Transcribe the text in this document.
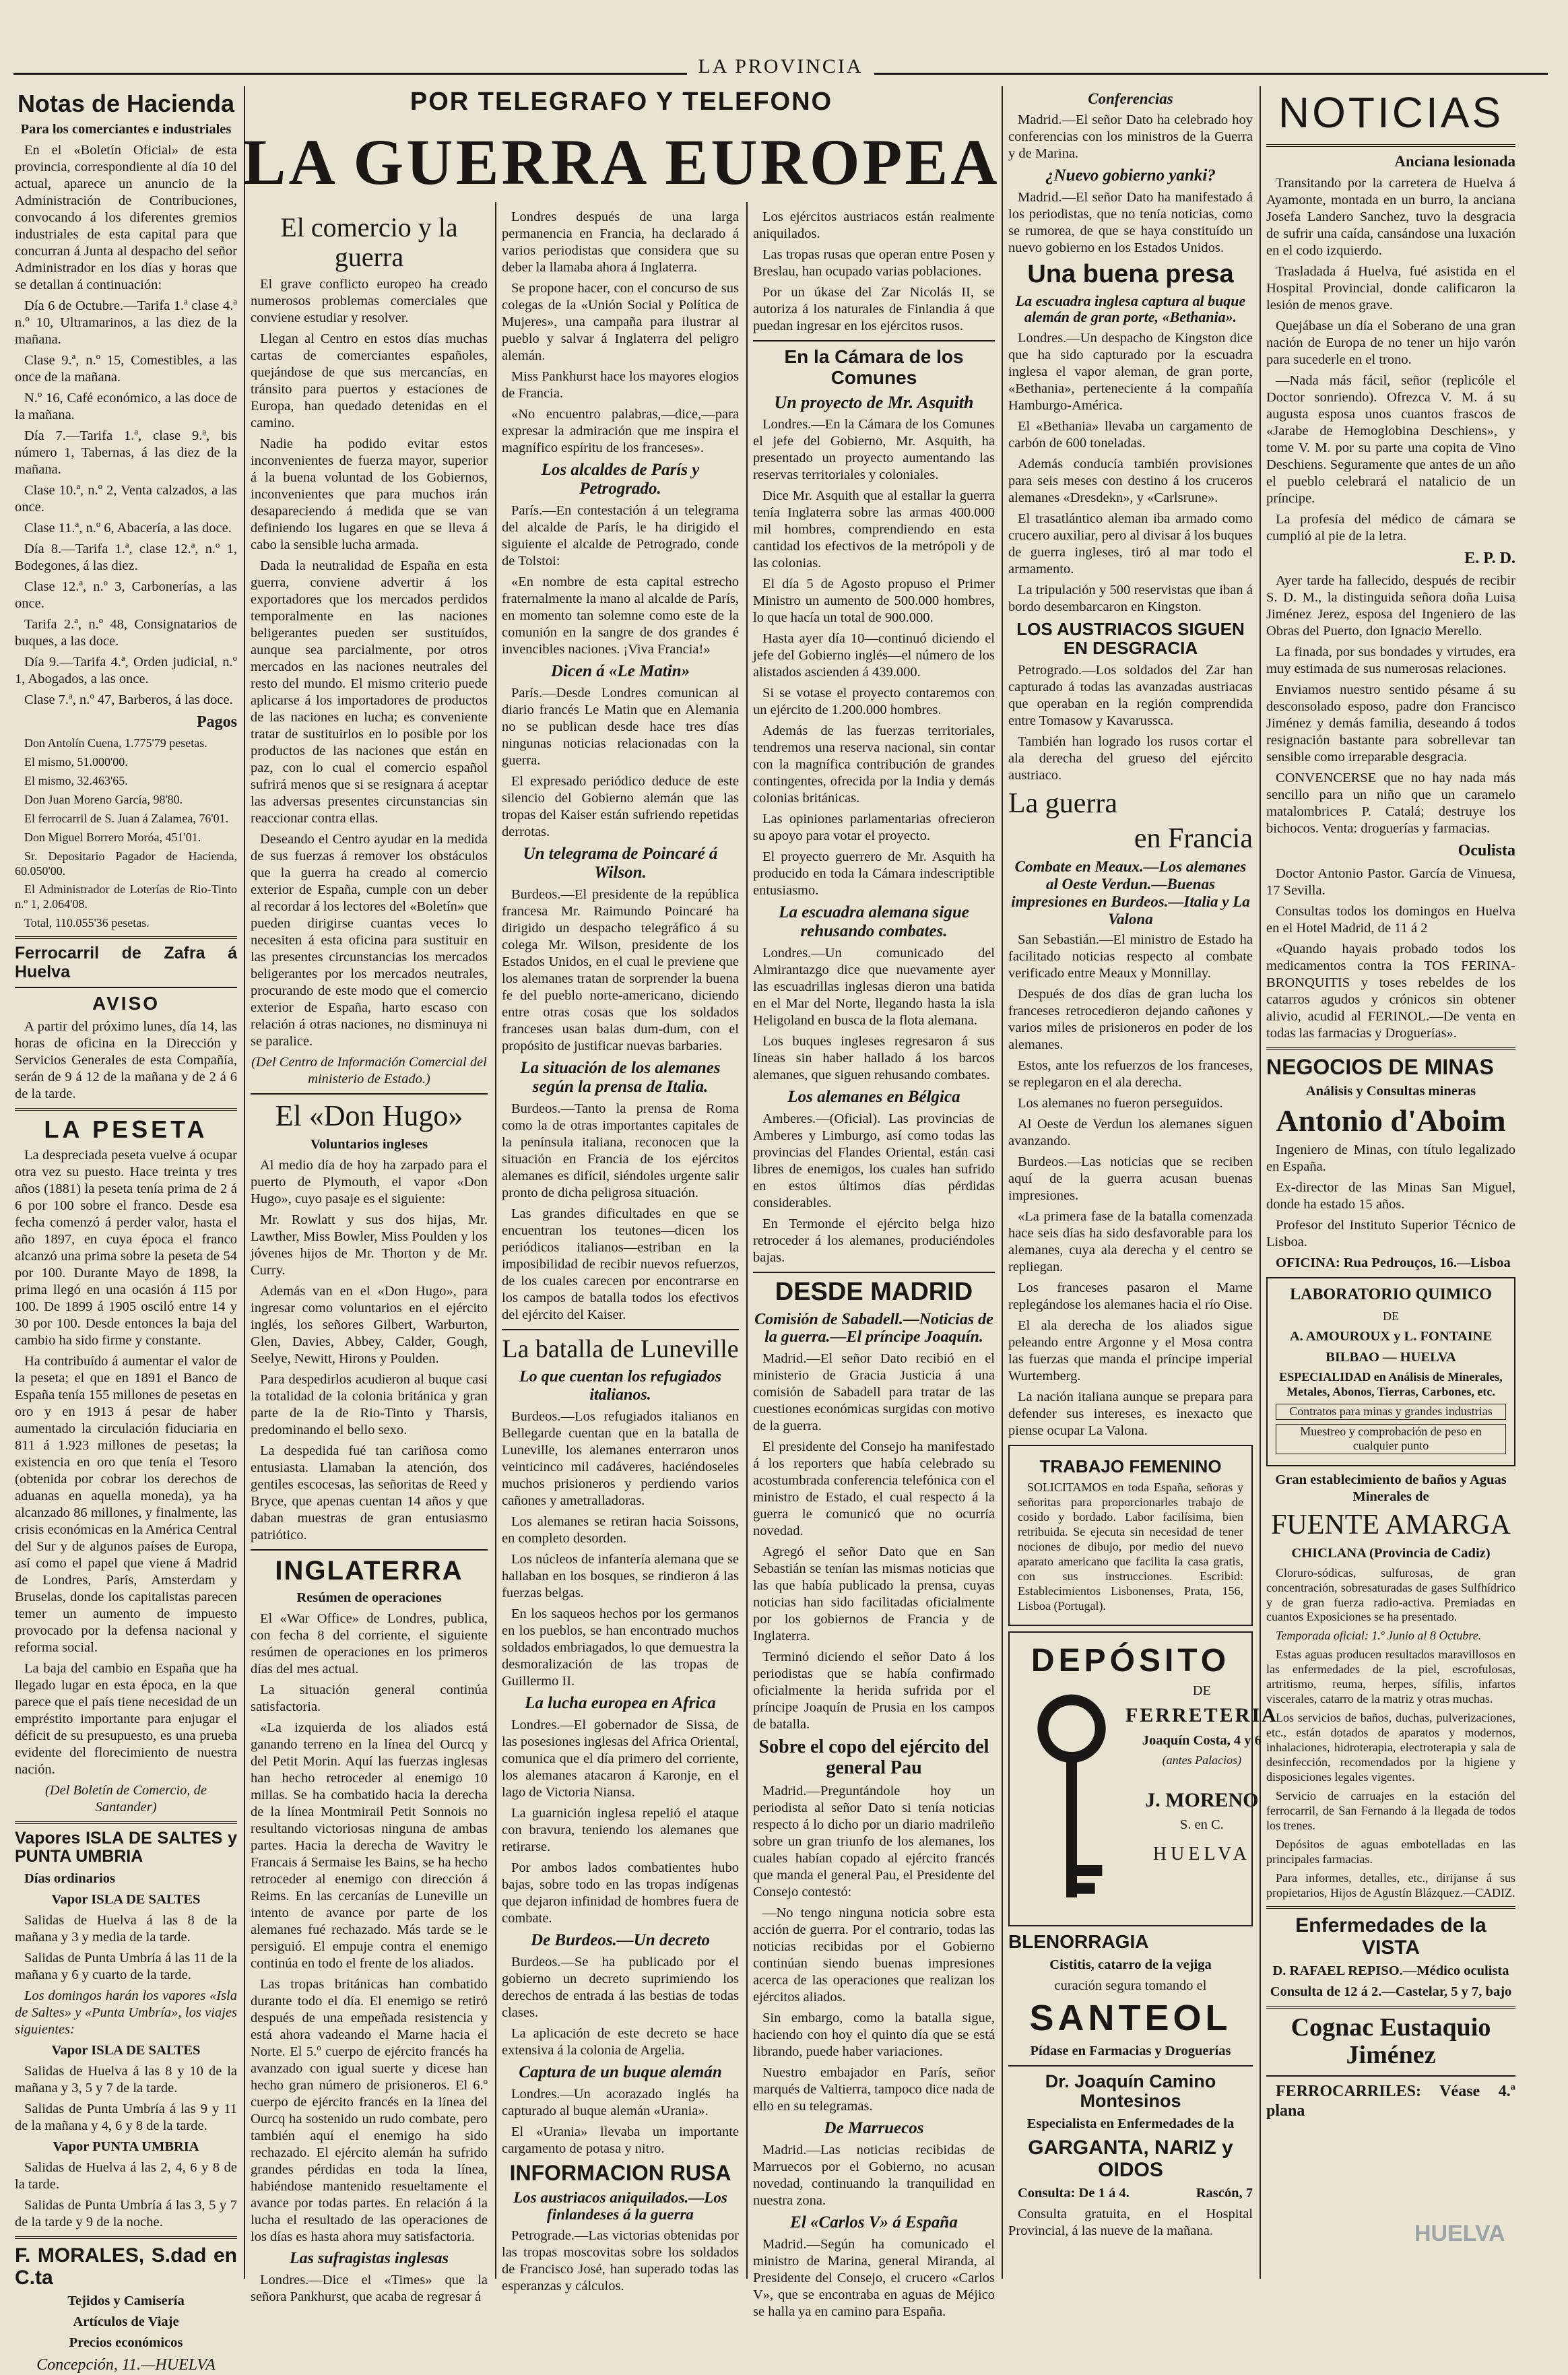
LA PROVINCIA
Notas de Hacienda

Para los comerciantes e industriales

En el «Boletín Oficial» de esta provincia, correspondiente al día 10 del actual, aparece un anuncio de la Administración de Contribuciones, convocando á los diferentes gremios industriales de esta capital para que concurran á Junta al despacho del señor Administrador en los días y horas que se detallan á continuación:

Día 6 de Octubre.—Tarifa 1.ª clase 4.ª n.º 10, Ultramarinos, a las diez de la mañana.

Clase 9.ª, n.º 15, Comestibles, a las once de la mañana.

N.º 16, Café económico, a las doce de la mañana.

Día 7.—Tarifa 1.ª, clase 9.ª, bis número 1, Tabernas, á las diez de la mañana.

Clase 10.ª, n.º 2, Venta calzados, a las once.

Clase 11.ª, n.º 6, Abacería, a las doce.

Día 8.—Tarifa 1.ª, clase 12.ª, n.º 1, Bodegones, á las diez.

Clase 12.ª, n.º 3, Carbonerías, a las once.

Tarifa 2.ª, n.º 48, Consignatarios de buques, a las doce.

Día 9.—Tarifa 4.ª, Orden judicial, n.º 1, Abogados, a las once.

Clase 7.ª, n.º 47, Barberos, á las doce.

Pagos

Don Antolín Cuena, 1.775'79 pesetas.

El mismo, 51.000'00.

El mismo, 32.463'65.

Don Juan Moreno García, 98'80.

El ferrocarril de S. Juan á Zalamea, 76'01.

Don Miguel Borrero Moróa, 451'01.

Sr. Depositario Pagador de Hacienda, 60.050'00.

El Administrador de Loterías de Rio-Tinto n.º 1, 2.064'08.

Total, 110.055'36 pesetas.

Ferrocarril de Zafra á Huelva
AVISO

A partir del próximo lunes, día 14, las horas de oficina en la Dirección y Servicios Generales de esta Compañía, serán de 9 á 12 de la mañana y de 2 á 6 de la tarde.

LA PESETA

La despreciada peseta vuelve á ocupar otra vez su puesto. Hace treinta y tres años (1881) la peseta tenía prima de 2 á 6 por 100 sobre el franco. Desde esa fecha comenzó á perder valor, hasta el año 1897, en cuya época el franco alcanzó una prima sobre la peseta de 54 por 100. Durante Mayo de 1898, la prima llegó en una ocasión á 115 por 100. De 1899 á 1905 osciló entre 14 y 30 por 100. Desde entonces la baja del cambio ha sido firme y constante.

Ha contribuído á aumentar el valor de la peseta; el que en 1891 el Banco de España tenía 155 millones de pesetas en oro y en 1913 á pesar de haber aumentado la circulación fiduciaria en 811 á 1.923 millones de pesetas; la existencia en oro que tenía el Tesoro (obtenida por cobrar los derechos de aduanas en aquella moneda), ya ha alcanzado 86 millones, y finalmente, las crisis económicas en la América Central del Sur y de algunos países de Europa, así como el papel que viene á Madrid de Londres, París, Amsterdam y Bruselas, donde los capitalistas parecen temer un aumento de impuesto provocado por la defensa nacional y reforma social.

La baja del cambio en España que ha llegado lugar en esta época, en la que parece que el país tiene necesidad de un empréstito importante para enjugar el déficit de su presupuesto, es una prueba evidente del florecimiento de nuestra nación.

(Del Boletín de Comercio, de Santander)

Vapores ISLA DE SALTES y PUNTA UMBRIA

Días ordinarios

Vapor ISLA DE SALTES

Salidas de Huelva á las 8 de la mañana y 3 y media de la tarde.

Salidas de Punta Umbría á las 11 de la mañana y 6 y cuarto de la tarde.

Los domingos harán los vapores «Isla de Saltes» y «Punta Umbría», los viajes siguientes:

Vapor ISLA DE SALTES

Salidas de Huelva á las 8 y 10 de la mañana y 3, 5 y 7 de la tarde.

Salidas de Punta Umbría á las 9 y 11 de la mañana y 4, 6 y 8 de la tarde.

Vapor PUNTA UMBRIA

Salidas de Huelva á las 2, 4, 6 y 8 de la tarde.

Salidas de Punta Umbría á las 3, 5 y 7 de la tarde y 9 de la noche.

F. MORALES, S.dad en C.ta

Tejidos y Camisería

Artículos de Viaje

Precios económicos

Concepción, 11.—HUELVA

POR TELEGRAFO Y TELEFONO
LA GUERRA EUROPEA
El comercio y la guerra

El grave conflicto europeo ha creado numerosos problemas comerciales que conviene estudiar y resolver.

Llegan al Centro en estos días muchas cartas de comerciantes españoles, quejándose de que sus mercancías, en tránsito para puertos y estaciones de Europa, han quedado detenidas en el camino.

Nadie ha podido evitar estos inconvenientes de fuerza mayor, superior á la buena voluntad de los Gobiernos, inconvenientes que para muchos irán desapareciendo á medida que se van definiendo los lugares en que se lleva á cabo la sensible lucha armada.

Dada la neutralidad de España en esta guerra, conviene advertir á los exportadores que los mercados perdidos temporalmente en las naciones beligerantes pueden ser sustituídos, aunque sea parcialmente, por otros mercados en las naciones neutrales del resto del mundo. El mismo criterio puede aplicarse á los importadores de productos de las naciones en lucha; es conveniente tratar de sustituirlos en lo posible por los productos de las naciones que están en paz, con lo cual el comercio español sufrirá menos que si se resignara á aceptar las adversas presentes circunstancias sin reaccionar contra ellas.

Deseando el Centro ayudar en la medida de sus fuerzas á remover los obstáculos que la guerra ha creado al comercio exterior de España, cumple con un deber al recordar á los lectores del «Boletín» que pueden dirigirse cuantas veces lo necesiten á esta oficina para sustituir en las presentes circunstancias los mercados beligerantes por los mercados neutrales, procurando de este modo que el comercio exterior de España, harto escaso con relación á otras naciones, no disminuya ni se paralice.

(Del Centro de Información Comercial del ministerio de Estado.)

El «Don Hugo»

Voluntarios ingleses

Al medio día de hoy ha zarpado para el puerto de Plymouth, el vapor «Don Hugo», cuyo pasaje es el siguiente:

Mr. Rowlatt y sus dos hijas, Mr. Lawther, Miss Bowler, Miss Poulden y los jóvenes hijos de Mr. Thorton y de Mr. Curry.

Además van en el «Don Hugo», para ingresar como voluntarios en el ejército inglés, los señores Gilbert, Warburton, Glen, Davies, Abbey, Calder, Gough, Seelye, Newitt, Hirons y Poulden.

Para despedirlos acudieron al buque casi la totalidad de la colonia británica y gran parte de la de Rio-Tinto y Tharsis, predominando el bello sexo.

La despedida fué tan cariñosa como entusiasta. Llamaban la atención, dos gentiles escocesas, las señoritas de Reed y Bryce, que apenas cuentan 14 años y que daban muestras de gran entusiasmo patriótico.

INGLATERRA

Resúmen de operaciones

El «War Office» de Londres, publica, con fecha 8 del corriente, el siguiente resúmen de operaciones en los primeros días del mes actual.

La situación general continúa satisfactoria.

«La izquierda de los aliados está ganando terreno en la línea del Ourcq y del Petit Morin. Aquí las fuerzas inglesas han hecho retroceder al enemigo 10 millas. Se ha combatido hacia la derecha de la línea Montmirail Petit Sonnois no resultando victoriosas ninguna de ambas partes. Hacia la derecha de Wavitry le Francais á Sermaise les Bains, se ha hecho retroceder al enemigo con dirección á Reims. En las cercanías de Luneville un intento de avance por parte de los alemanes fué rechazado. Más tarde se le persiguió. El empuje contra el enemigo continúa en todo el frente de los aliados.

Las tropas británicas han combatido durante todo el día. El enemigo se retiró después de una empeñada resistencia y está ahora vadeando el Marne hacia el Norte. El 5.º cuerpo de ejército francés ha avanzado con igual suerte y dicese han hecho gran número de prisioneros. El 6.º cuerpo de ejército francés en la línea del Ourcq ha sostenido un rudo combate, pero también aquí el enemigo ha sido rechazado. El ejército alemán ha sufrido grandes pérdidas en toda la línea, habiéndose mantenido resueltamente el avance por todas partes. En relación á la lucha el resultado de las operaciones de los días es hasta ahora muy satisfactoria.

Las sufragistas inglesas

Londres.—Dice el «Times» que la señora Pankhurst, que acaba de regresar á

Londres después de una larga permanencia en Francia, ha declarado á varios periodistas que considera que su deber la llamaba ahora á Inglaterra.

Se propone hacer, con el concurso de sus colegas de la «Unión Social y Política de Mujeres», una campaña para ilustrar al pueblo y salvar á Inglaterra del peligro alemán.

Miss Pankhurst hace los mayores elogios de Francia.

«No encuentro palabras,—dice,—para expresar la admiración que me inspira el magnífico espíritu de los franceses».

Los alcaldes de París y Petrogrado.

París.—En contestación á un telegrama del alcalde de París, le ha dirigido el siguiente el alcalde de Petrogrado, conde de Tolstoi:

«En nombre de esta capital estrecho fraternalmente la mano al alcalde de París, en momento tan solemne como este de la comunión en la sangre de dos grandes é invencibles naciones. ¡Viva Francia!»

Dicen á «Le Matin»

París.—Desde Londres comunican al diario francés Le Matin que en Alemania no se publican desde hace tres días ningunas noticias relacionadas con la guerra.

El expresado periódico deduce de este silencio del Gobierno alemán que las tropas del Kaiser están sufriendo repetidas derrotas.

Un telegrama de Poincaré á Wilson.

Burdeos.—El presidente de la república francesa Mr. Raimundo Poincaré ha dirigido un despacho telegráfico á su colega Mr. Wilson, presidente de los Estados Unidos, en el cual le previene que los alemanes tratan de sorprender la buena fe del pueblo norte-americano, diciendo entre otras cosas que los soldados franceses usan balas dum-dum, con el propósito de justificar nuevas barbaries.

La situación de los alemanes según la prensa de Italia.

Burdeos.—Tanto la prensa de Roma como la de otras importantes capitales de la península italiana, reconocen que la situación en Francia de los ejércitos alemanes es difícil, siéndoles urgente salir pronto de dicha peligrosa situación.

Las grandes dificultades en que se encuentran los teutones—dicen los periódicos italianos—estriban en la imposibilidad de recibir nuevos refuerzos, de los cuales carecen por encontrarse en los campos de batalla todos los efectivos del ejército del Kaiser.

La batalla de Luneville
Lo que cuentan los refugiados italianos.

Burdeos.—Los refugiados italianos en Bellegarde cuentan que en la batalla de Luneville, los alemanes enterraron unos veinticinco mil cadáveres, haciéndoseles muchos prisioneros y perdiendo varios cañones y ametralladoras.

Los alemanes se retiran hacia Soissons, en completo desorden.

Los núcleos de infantería alemana que se hallaban en los bosques, se rindieron á las fuerzas belgas.

En los saqueos hechos por los germanos en los pueblos, se han encontrado muchos soldados embriagados, lo que demuestra la desmoralización de las tropas de Guillermo II.

La lucha europea en Africa

Londres.—El gobernador de Sissa, de las posesiones inglesas del Africa Oriental, comunica que el día primero del corriente, los alemanes atacaron á Karonje, en el lago de Victoria Niansa.

La guarnición inglesa repelió el ataque con bravura, teniendo los alemanes que retirarse.

Por ambos lados combatientes hubo bajas, sobre todo en las tropas indígenas que dejaron infinidad de hombres fuera de combate.

De Burdeos.—Un decreto

Burdeos.—Se ha publicado por el gobierno un decreto suprimiendo los derechos de entrada á las bestias de todas clases.

La aplicación de este decreto se hace extensiva á la colonia de Argelia.

Captura de un buque alemán

Londres.—Un acorazado inglés ha capturado al buque alemán «Urania».

El «Urania» llevaba un importante cargamento de potasa y nitro.

INFORMACION RUSA
Los austriacos aniquilados.—Los finlandeses á la guerra

Petrograde.—Las victorias obtenidas por las tropas moscovitas sobre los soldados de Francisco José, han superado todas las esperanzas y cálculos.

Los ejércitos austriacos están realmente aniquilados.

Las tropas rusas que operan entre Posen y Breslau, han ocupado varias poblaciones.

Por un úkase del Zar Nicolás II, se autoriza á los naturales de Finlandia á que puedan ingresar en los ejércitos rusos.

En la Cámara de los Comunes
Un proyecto de Mr. Asquith

Londres.—En la Cámara de los Comunes el jefe del Gobierno, Mr. Asquith, ha presentado un proyecto aumentando las reservas territoriales y coloniales.

Dice Mr. Asquith que al estallar la guerra tenía Inglaterra sobre las armas 400.000 mil hombres, comprendiendo en esta cantidad los efectivos de la metrópoli y de las colonias.

El día 5 de Agosto propuso el Primer Ministro un aumento de 500.000 hombres, lo que hacía un total de 900.000.

Hasta ayer día 10—continuó diciendo el jefe del Gobierno inglés—el número de los alistados ascienden á 439.000.

Si se votase el proyecto contaremos con un ejército de 1.200.000 hombres.

Además de las fuerzas territoriales, tendremos una reserva nacional, sin contar con la magnífica contribución de grandes contingentes, ofrecida por la India y demás colonias británicas.

Las opiniones parlamentarias ofrecieron su apoyo para votar el proyecto.

El proyecto guerrero de Mr. Asquith ha producido en toda la Cámara indescriptible entusiasmo.

La escuadra alemana sigue rehusando combates.

Londres.—Un comunicado del Almirantazgo dice que nuevamente ayer las escuadrillas inglesas dieron una batida en el Mar del Norte, llegando hasta la isla Heligoland en busca de la flota alemana.

Los buques ingleses regresaron á sus líneas sin haber hallado á los barcos alemanes, que siguen rehusando combates.

Los alemanes en Bélgica

Amberes.—(Oficial). Las provincias de Amberes y Limburgo, así como todas las provincias del Flandes Oriental, están casi libres de enemigos, los cuales han sufrido en estos últimos días pérdidas considerables.

En Termonde el ejército belga hizo retroceder á los alemanes, produciéndoles bajas.

DESDE MADRID
Comisión de Sabadell.—Noticias de la guerra.—El príncipe Joaquín.

Madrid.—El señor Dato recibió en el ministerio de Gracia Justicia á una comisión de Sabadell para tratar de las cuestiones económicas surgidas con motivo de la guerra.

El presidente del Consejo ha manifestado á los reporters que había celebrado su acostumbrada conferencia telefónica con el ministro de Estado, el cual respecto á la guerra le comunicó que no ocurría novedad.

Agregó el señor Dato que en San Sebastián se tenían las mismas noticias que las que había publicado la prensa, cuyas noticias han sido facilitadas oficialmente por los gobiernos de Francia y de Inglaterra.

Terminó diciendo el señor Dato á los periodistas que se había confirmado oficialmente la herida sufrida por el príncipe Joaquín de Prusia en los campos de batalla.

Sobre el copo del ejército del general Pau

Madrid.—Preguntándole hoy un periodista al señor Dato si tenía noticias respecto á lo dicho por un diario madrileño sobre un gran triunfo de los alemanes, los cuales habían copado al ejército francés que manda el general Pau, el Presidente del Consejo contestó:

—No tengo ninguna noticia sobre esta acción de guerra. Por el contrario, todas las noticias recibidas por el Gobierno continúan siendo buenas impresiones acerca de las operaciones que realizan los ejércitos aliados.

Sin embargo, como la batalla sigue, haciendo con hoy el quinto día que se está librando, puede haber variaciones.

Nuestro embajador en París, señor marqués de Valtierra, tampoco dice nada de ello en su telegramas.

De Marruecos

Madrid.—Las noticias recibidas de Marruecos por el Gobierno, no acusan novedad, continuando la tranquilidad en nuestra zona.

El «Carlos V» á España

Madrid.—Según ha comunicado el ministro de Marina, general Miranda, al Presidente del Consejo, el crucero «Carlos V», que se encontraba en aguas de Méjico se halla ya en camino para España.

Conferencias

Madrid.—El señor Dato ha celebrado hoy conferencias con los ministros de la Guerra y de Marina.

¿Nuevo gobierno yanki?

Madrid.—El señor Dato ha manifestado á los periodistas, que no tenía noticias, como se rumorea, de que se haya constituído un nuevo gobierno en los Estados Unidos.

Una buena presa
La escuadra inglesa captura al buque alemán de gran porte, «Bethania».

Londres.—Un despacho de Kingston dice que ha sido capturado por la escuadra inglesa el vapor aleman, de gran porte, «Bethania», perteneciente á la compañía Hamburgo-América.

El «Bethania» llevaba un cargamento de carbón de 600 toneladas.

Además conducía también provisiones para seis meses con destino á los cruceros alemanes «Dresdekn», y «Carlsrune».

El trasatlántico aleman iba armado como crucero auxiliar, pero al divisar á los buques de guerra ingleses, tiró al mar todo el armamento.

La tripulación y 500 reservistas que iban á bordo desembarcaron en Kingston.

LOS AUSTRIACOS SIGUEN EN DESGRACIA

Petrogrado.—Los soldados del Zar han capturado á todas las avanzadas austriacas que operaban en la región comprendida entre Tomasow y Kavarussca.

También han logrado los rusos cortar el ala derecha del grueso del ejército austriaco.

La guerra
en Francia
Combate en Meaux.—Los alemanes al Oeste Verdun.—Buenas impresiones en Burdeos.—Italia y La Valona

San Sebastián.—El ministro de Estado ha facilitado noticias respecto al combate verificado entre Meaux y Monnillay.

Después de dos días de gran lucha los franceses retrocedieron dejando cañones y varios miles de prisioneros en poder de los alemanes.

Estos, ante los refuerzos de los franceses, se replegaron en el ala derecha.

Los alemanes no fueron perseguidos.

Al Oeste de Verdun los alemanes siguen avanzando.

Burdeos.—Las noticias que se reciben aquí de la guerra acusan buenas impresiones.

«La primera fase de la batalla comenzada hace seis días ha sido desfavorable para los alemanes, cuya ala derecha y el centro se repliegan.

Los franceses pasaron el Marne replegándose los alemanes hacia el río Oise.

El ala derecha de los aliados sigue peleando entre Argonne y el Mosa contra las fuerzas que manda el príncipe imperial Wurtemberg.

La nación italiana aunque se prepara para defender sus intereses, es inexacto que piense ocupar La Valona.

TRABAJO FEMENINO

SOLICITAMOS en toda España, señoras y señoritas para proporcionarles trabajo de cosido y bordado. Labor facilísima, bien retribuida. Se ejecuta sin necesidad de tener nociones de dibujo, por medio del nuevo aparato americano que facilita la casa gratis, con sus instrucciones. Escribid: Establecimientos Lisbonenses, Prata, 156, Lisboa (Portugal).

DEPÓSITO

DE

FERRETERIA

Joaquín Costa, 4 y 6

(antes Palacios)

J. MORENO

S. en C.

HUELVA

BLENORRAGIA

Cistitis, catarro de la vejiga

curación segura tomando el

SANTEOL

Pídase en Farmacias y Droguerías

Dr. Joaquín Camino Montesinos

Especialista en Enfermedades de la

GARGANTA, NARIZ y OIDOS

Consulta: De 1 á 4.	Rascón, 7

Consulta gratuita, en el Hospital Provincial, á las nueve de la mañana.

NOTICIAS

Anciana lesionada

Transitando por la carretera de Huelva á Ayamonte, montada en un burro, la anciana Josefa Landero Sanchez, tuvo la desgracia de sufrir una caída, cansándose una luxación en el codo izquierdo.

Trasladada á Huelva, fué asistida en el Hospital Provincial, donde calificaron la lesión de menos grave.

Quejábase un día el Soberano de una gran nación de Europa de no tener un hijo varón para sucederle en el trono.

—Nada más fácil, señor (replicóle el Doctor sonriendo). Ofrezca V. M. á su augusta esposa unos cuantos frascos de «Jarabe de Hemoglobina Deschiens», y tome V. M. por su parte una copita de Vino Deschiens. Seguramente que antes de un año el pueblo celebrará el natalicio de un príncipe.

La profesía del médico de cámara se cumplió al pie de la letra.

E. P. D.

Ayer tarde ha fallecido, después de recibir S. D. M., la distinguida señora doña Luisa Jiménez Jerez, esposa del Ingeniero de las Obras del Puerto, don Ignacio Merello.

La finada, por sus bondades y virtudes, era muy estimada de sus numerosas relaciones.

Enviamos nuestro sentido pésame á su desconsolado esposo, padre don Francisco Jiménez y demás familia, deseando á todos resignación bastante para sobrellevar tan sensible como irreparable desgracia.

CONVENCERSE que no hay nada más sencillo para un niño que un caramelo matalombrices P. Catalá; destruye los bichocos. Venta: droguerías y farmacias.

Oculista

Doctor Antonio Pastor. García de Vinuesa, 17 Sevilla.

Consultas todos los domingos en Huelva en el Hotel Madrid, de 11 á 2

«Quando hayais probado todos los medicamentos contra la TOS FERINA-BRONQUITIS y toses rebeldes de los catarros agudos y crónicos sin obtener alivio, acudid al FERINOL.—De venta en todas las farmacias y Droguerías».

NEGOCIOS DE MINAS

Análisis y Consultas mineras

Antonio d'Aboim

Ingeniero de Minas, con título legalizado en España.

Ex-director de las Minas San Miguel, donde ha estado 15 años.

Profesor del Instituto Superior Técnico de Lisboa.

OFICINA: Rua Pedrouços, 16.—Lisboa

LABORATORIO QUIMICO

DE

A. AMOUROUX y L. FONTAINE

BILBAO — HUELVA

ESPECIALIDAD en Análisis de Minerales, Metales, Abonos, Tierras, Carbones, etc.

Contratos para minas y grandes industrias

Muestreo y comprobación de peso en cualquier punto

Gran establecimiento de baños y Aguas Minerales de

FUENTE AMARGA

CHICLANA (Provincia de Cadiz)

Cloruro-sódicas, sulfurosas, de gran concentración, sobresaturadas de gases Sulfhídrico y de gran fuerza radio-activa. Premiadas en cuantos Exposiciones se ha presentado.

Temporada oficial: 1.º Junio al 8 Octubre.

Estas aguas producen resultados maravillosos en las enfermedades de la piel, escrofulosas, artritismo, reuma, herpes, sífilis, infartos viscerales, catarro de la matriz y otras muchas.

Los servicios de baños, duchas, pulverizaciones, etc., están dotados de aparatos y modernos, inhalaciones, hidroterapia, electroterapia y sala de desinfección, recomendados por la higiene y disposiciones legales vigentes.

Servicio de carruajes en la estación del ferrocarril, de San Fernando á la llegada de todos los trenes.

Depósitos de aguas embotelladas en las principales farmacias.

Para informes, detalles, etc., dirijanse á sus propietarios, Hijos de Agustín Blázquez.—CADIZ.

Enfermedades de la VISTA

D. RAFAEL REPISO.—Médico oculista

Consulta de 12 á 2.—Castelar, 5 y 7, bajo

Cognac Eustaquio Jiménez

FERROCARRILES: Véase 4.ª plana

HUELVA
